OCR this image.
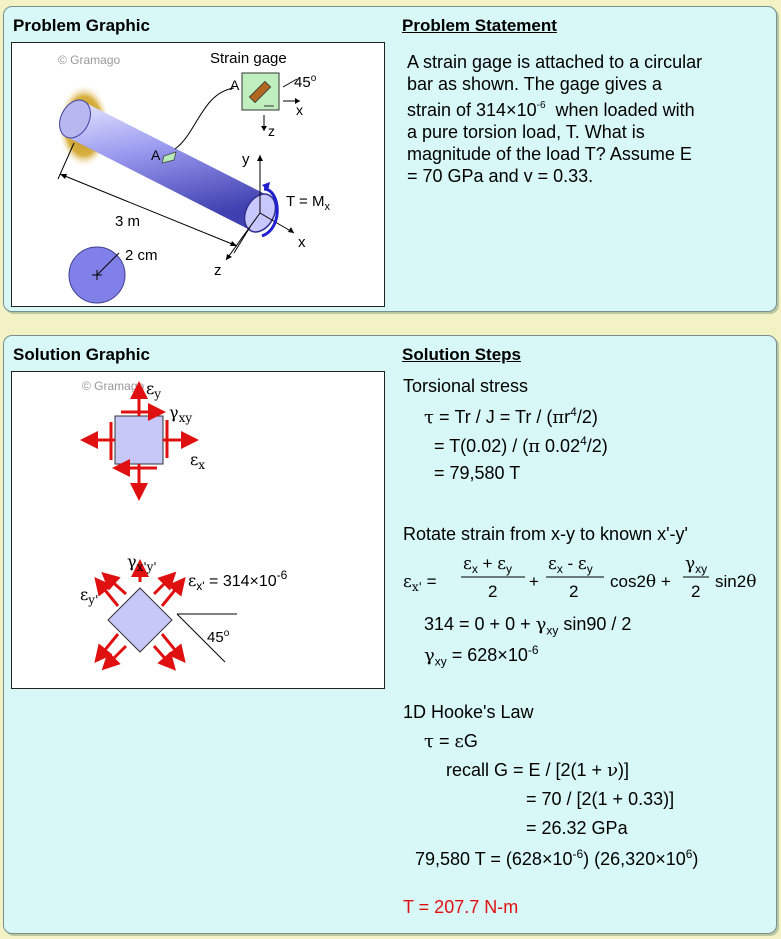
Problem Graphic	Problem Statement
© Gramago
A
Strain gage
A	45$^o$
x
z
y
x
z
$T = M_x$
3 m
2 cm
A strain gage is attached to a circular
bar as shown. The gage gives a
strain of $314\times 10^{-6}$  when loaded with
a pure torsion load, T. What is
magnitude of the load T? Assume E
= 70 GPa and v = 0.33.
Solution Graphic	Solution Steps
© Gramago $\varepsilon_y$
$\gamma_{xy}$
$\varepsilon_x$
$\gamma_{x'y'}$
$\varepsilon_{x'} = 314\times 10^{-6}$
$\varepsilon_{y'}$
45$^o$
Torsional stress
$\tau = Tr / J = Tr / (\pi r^4/2)$
= T(0.02) / (π $0.02^4/2$)
= 79,580 T
Rotate strain from x-y to known x'-y'
$\varepsilon_{x'}$ =
$\varepsilon_x + \varepsilon_y$
2
+
$\varepsilon_x - \varepsilon_y$
2
cos2θ +
$\gamma_{xy}$
2
sin2θ
$314 = 0 + 0 + \gamma_{xy}$ sin90 / 2
$\gamma_{xy} = 628\times 10^{-6}$
1D Hooke's Law
τ = εG
recall G = E / [2(1 + ν)]
= 70 / [2(1 + 0.33)]
= 26.32 GPa
79,580 $T = (628\times 10^{-6})$ $(26,320\times 10^6)$
T = 207.7 N-m
